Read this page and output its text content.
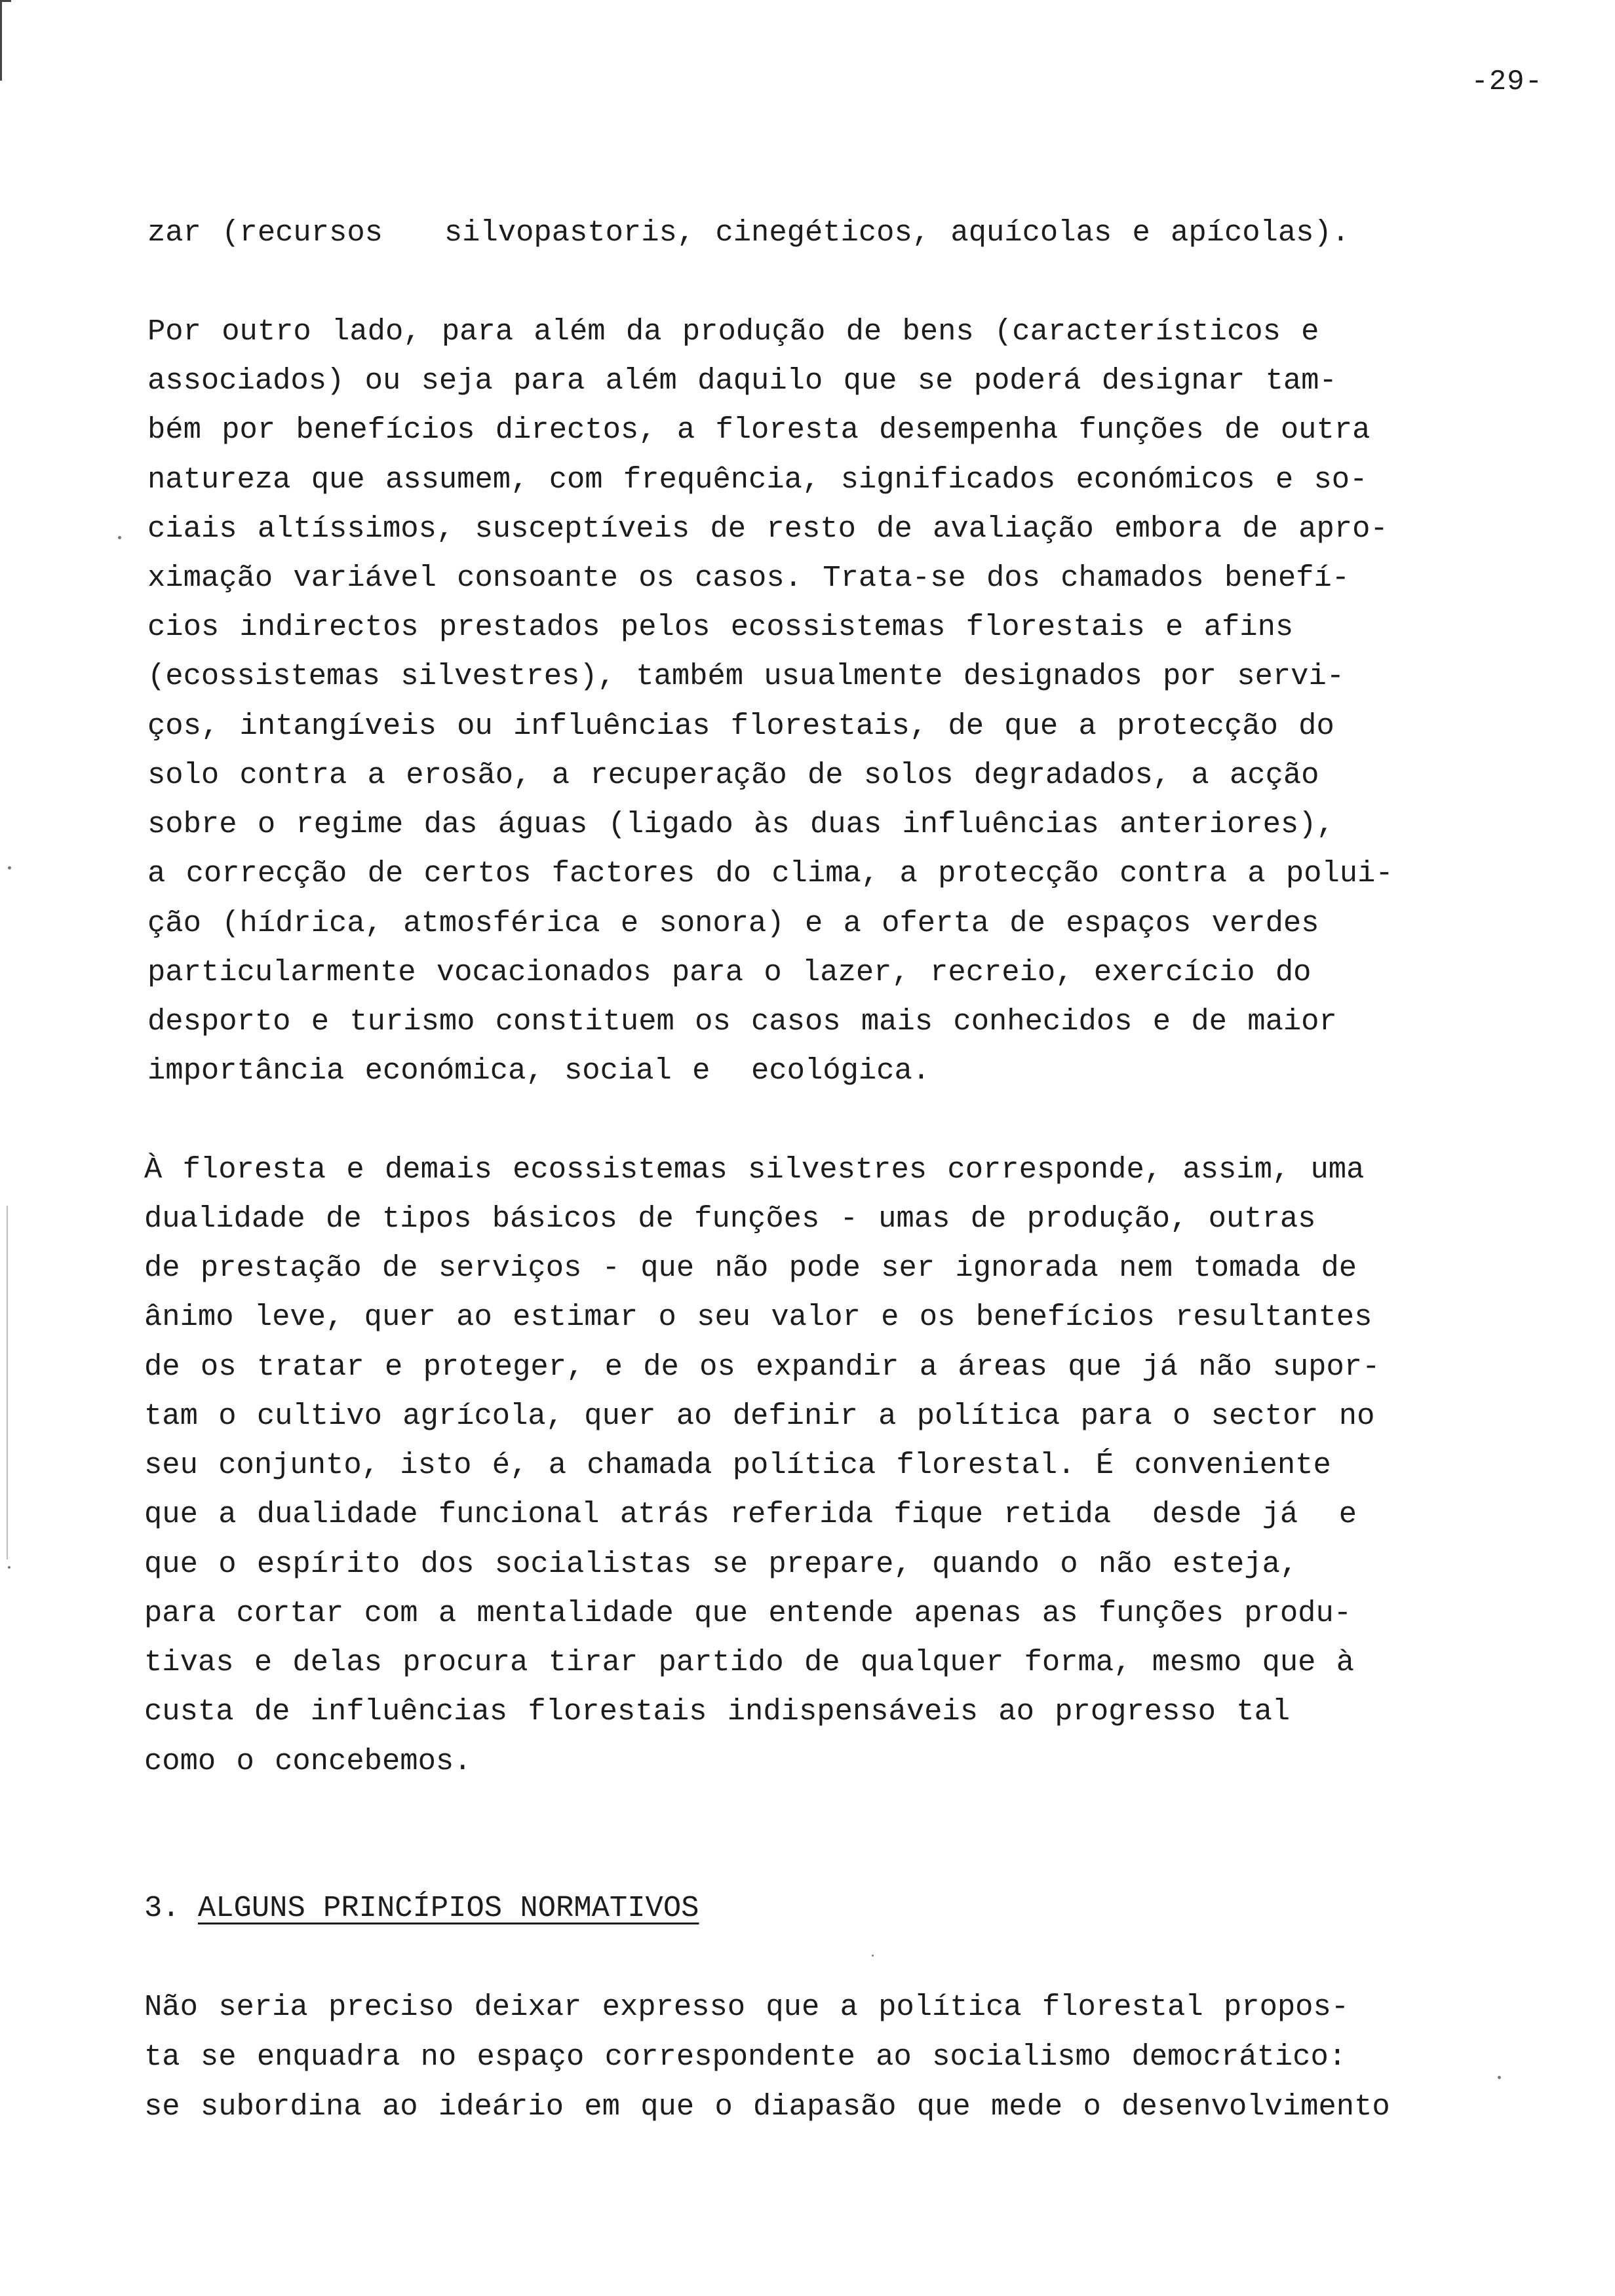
-29-
zar (recursos   silvopastoris, cinegéticos, aquícolas e apícolas).
Por outro lado, para além da produção de bens (característicos e
associados) ou seja para além daquilo que se poderá designar tam-
bém por benefícios directos, a floresta desempenha funções de outra
natureza que assumem, com frequência, significados económicos e so-
ciais altíssimos, susceptíveis de resto de avaliação embora de apro-
ximação variável consoante os casos. Trata-se dos chamados benefí-
cios indirectos prestados pelos ecossistemas florestais e afins
(ecossistemas silvestres), também usualmente designados por servi-
ços, intangíveis ou influências florestais, de que a protecção do
solo contra a erosão, a recuperação de solos degradados, a acção
sobre o regime das águas (ligado às duas influências anteriores),
a correcção de certos factores do clima, a protecção contra a polui-
ção (hídrica, atmosférica e sonora) e a oferta de espaços verdes
particularmente vocacionados para o lazer, recreio, exercício do
desporto e turismo constituem os casos mais conhecidos e de maior
importância económica, social e  ecológica.
À floresta e demais ecossistemas silvestres corresponde, assim, uma
dualidade de tipos básicos de funções - umas de produção, outras
de prestação de serviços - que não pode ser ignorada nem tomada de
ânimo leve, quer ao estimar o seu valor e os benefícios resultantes
de os tratar e proteger, e de os expandir a áreas que já não supor-
tam o cultivo agrícola, quer ao definir a política para o sector no
seu conjunto, isto é, a chamada política florestal. É conveniente
que a dualidade funcional atrás referida fique retida  desde já  e
que o espírito dos socialistas se prepare, quando o não esteja,
para cortar com a mentalidade que entende apenas as funções produ-
tivas e delas procura tirar partido de qualquer forma, mesmo que à
custa de influências florestais indispensáveis ao progresso tal
como o concebemos.
3. ALGUNS PRINCÍPIOS NORMATIVOS
Não seria preciso deixar expresso que a política florestal propos-
ta se enquadra no espaço correspondente ao socialismo democrático:
se subordina ao ideário em que o diapasão que mede o desenvolvimento
